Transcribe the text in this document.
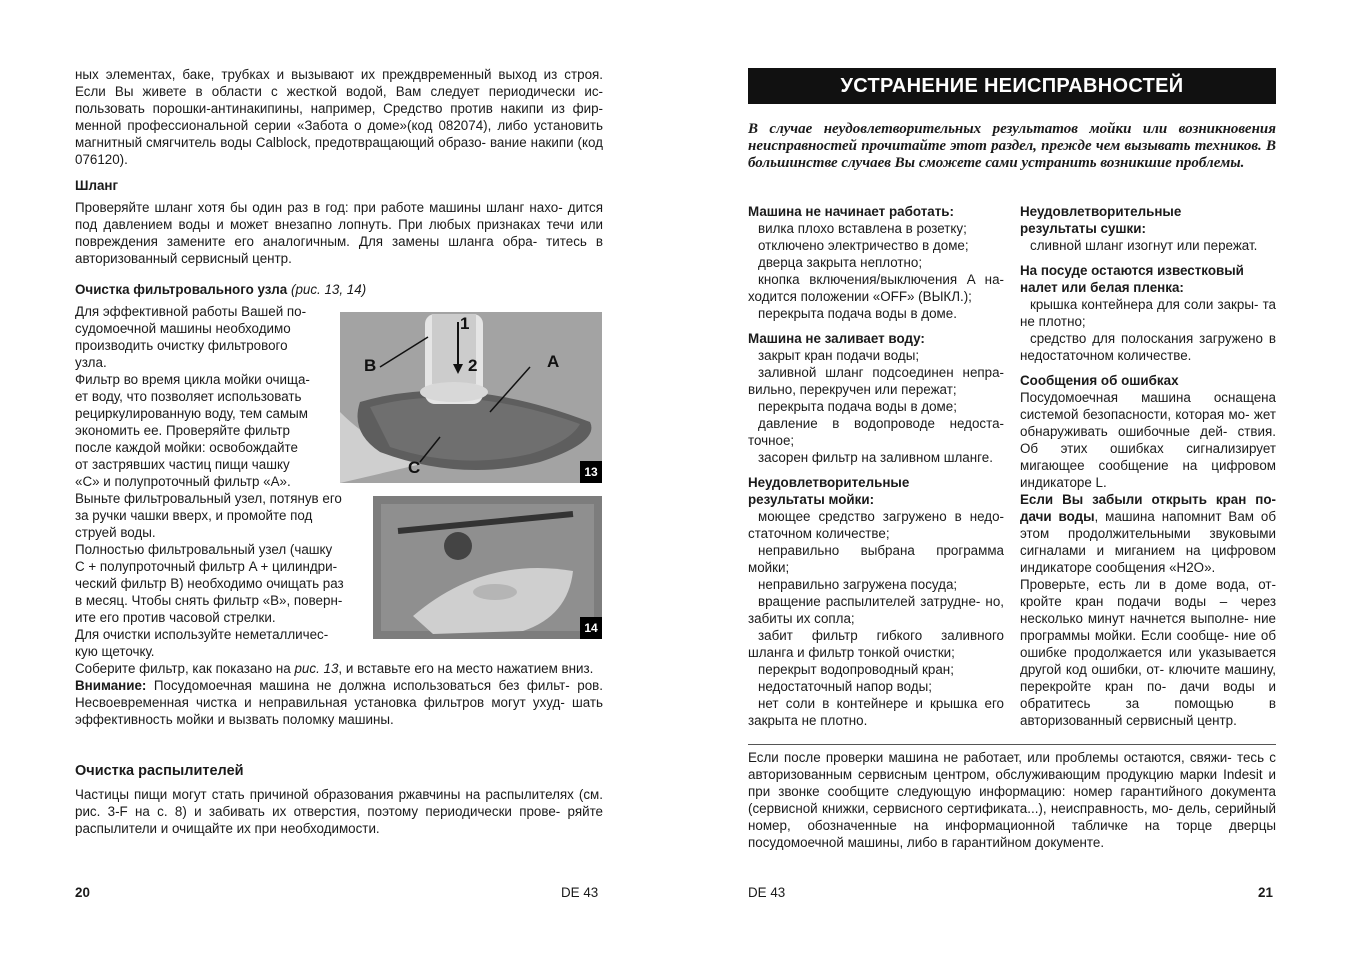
ных элементах, баке, трубках и вызывают их преждвременный выход из строя. Если Вы живете в области с жесткой водой, Вам следует периодически ис- пользовать порошки-антинакипины, например, Средство против накипи из фир- менной профессиональной серии «Забота о доме»(код 082074), либо установить магнитный смягчитель воды Calblock, предотвращающий образо- вание накипи (код 076120).

Шланг

Проверяйте шланг хотя бы один раз в год: при работе машины шланг нахо- дится под давлением воды и может внезапно лопнуть. При любых признаках течи или повреждения замените его аналогичным. Для замены шланга обра- титесь в авторизованный сервисный центр.

Очистка фильтровального узла (рис. 13, 14)

Для эффективной работы Вашей по-

судомоечной машины необходимо

производить очистку фильтрового

узла.

Фильтр во время цикла мойки очища-

ет воду, что позволяет использовать

рециркулированную воду, тем самым

экономить ее. Проверяйте фильтр

после каждой мойки: освобождайте

от застрявших частиц пищи чашку

«C» и полупроточный фильтр «A».

Выньте фильтровальный узел, потянув его

за ручки чашки вверх, и промойте под

струей воды.

Полностью фильтровальный узел (чашку

C + полупроточный фильтр A + цилиндри-

ческий фильтр B) необходимо очищать раз

в месяц. Чтобы снять фильтр «B», поверн-

ите его против часовой стрелки.

Для очистки используйте неметалличес-

кую щеточку.

Соберите фильтр, как показано на рис. 13, и вставьте его на место нажатием вниз.

Внимание: Посудомоечная машина не должна использоваться без фильт- ров. Несвоевременная чистка и неправильная установка фильтров могут ухуд- шать эффективность мойки и вызвать поломку машины.

Очистка распылителей

Частицы пищи могут стать причиной образования ржавчины на распылителях (см. рис. 3-F на с. 8) и забивать их отверстия, поэтому периодически прове- ряйте распылители и очищайте их при необходимости.

20	DE 43

1
2	A
B
C	13
14
УСТРАНЕНИЕ НЕИСПРАВНОСТЕЙ

В случае неудовлетворительных результатов мойки или возникновения неисправностей прочитайте этот раздел, прежде чем вызывать техников. В большинстве случаев Вы сможете сами устранить возникшие проблемы.

Машина не начинает работать:

вилка плохо вставлена в розетку;

отключено электричество в доме;

дверца закрыта неплотно;

кнопка включения/выключения A на- ходится положении «OFF» (ВЫКЛ.);

перекрыта подача воды в доме.

Машина не заливает воду:

закрыт кран подачи воды;

заливной шланг подсоединен непра- вильно, перекручен или пережат;

перекрыта подача воды в доме;

давление в водопроводе недоста- точное;

засорен фильтр на заливном шланге.

Неудовлетворительные результаты мойки:

моющее средство загружено в недо- статочном количестве;

неправильно выбрана программа мойки;

неправильно загружена посуда;

вращение распылителей затрудне- но, забиты их сопла;

забит фильтр гибкого заливного шланга и фильтр тонкой очистки;

перекрыт водопроводный кран;

недостаточный напор воды;

нет соли в контейнере и крышка его закрыта не плотно.

Неудовлетворительные результаты сушки:

сливной шланг изогнут или пережат.

На посуде остаются известковый налет или белая пленка:

крышка контейнера для соли закры- та не плотно;

средство для полоскания загружено в недостаточном количестве.

Сообщения об ошибках

Посудомоечная машина оснащена системой безопасности, которая мо- жет обнаруживать ошибочные дей- ствия. Об этих ошибках сигнализирует мигающее сообщение на цифровом индикаторе L.

Если Вы забыли открыть кран по- дачи воды, машина напомнит Вам об этом продолжительными звуковыми сигналами и миганием на цифровом индикаторе сообщения «H2O».

Проверьте, есть ли в доме вода, от- кройте кран подачи воды – через несколько минут начнется выполне- ние программы мойки. Если сообще- ние об ошибке продолжается или указывается другой код ошибки, от- ключите машину, перекройте кран по- дачи воды и обратитесь за помощью в авторизованный сервисный центр.

Если после проверки машина не работает, или проблемы остаются, свяжи- тесь с авторизованным сервисным центром, обслуживающим продукцию марки Indesit и при звонке сообщите следующую информацию: номер гарантийного документа (сервисной книжки, сервисного сертификата...), неисправность, мо- дель, серийный номер, обозначенные на информационной табличке на торце дверцы посудомоечной машины, либо в гарантийном документе.

DE 43	21
